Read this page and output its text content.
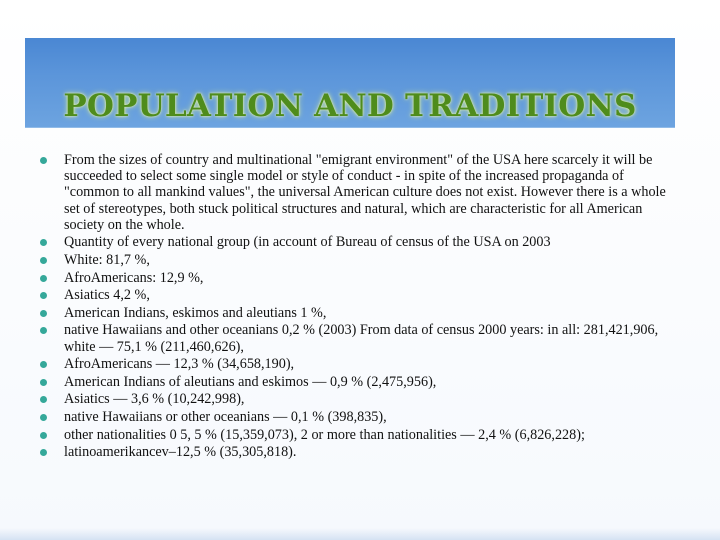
POPULATION AND TRADITIONS
From the sizes of country and multinational "emigrant environment" of the USA here scarcely it will be succeeded to select some single model or style of conduct - in spite of the increased propaganda of "common to all mankind values", the universal American culture does not exist. However there is a whole set of stereotypes, both stuck political structures and natural, which are characteristic for all American society on the whole.
Quantity of every national group (in account of Bureau of census of the USA on 2003
White: 81,7 %,
AfroAmericans: 12,9 %,
Asiatics 4,2 %,
American Indians, eskimos and aleutians 1 %,
native Hawaiians and other oceanians 0,2 % (2003) From data of census 2000 years: in all: 281,421,906, white — 75,1 % (211,460,626),
AfroAmericans — 12,3 % (34,658,190),
American Indians of aleutians and eskimos — 0,9 % (2,475,956),
Asiatics — 3,6 % (10,242,998),
native Hawaiians or other oceanians — 0,1 % (398,835),
other nationalities 0 5, 5 % (15,359,073), 2 or more than nationalities — 2,4 % (6,826,228);
latinoamerikancev–12,5 % (35,305,818).
